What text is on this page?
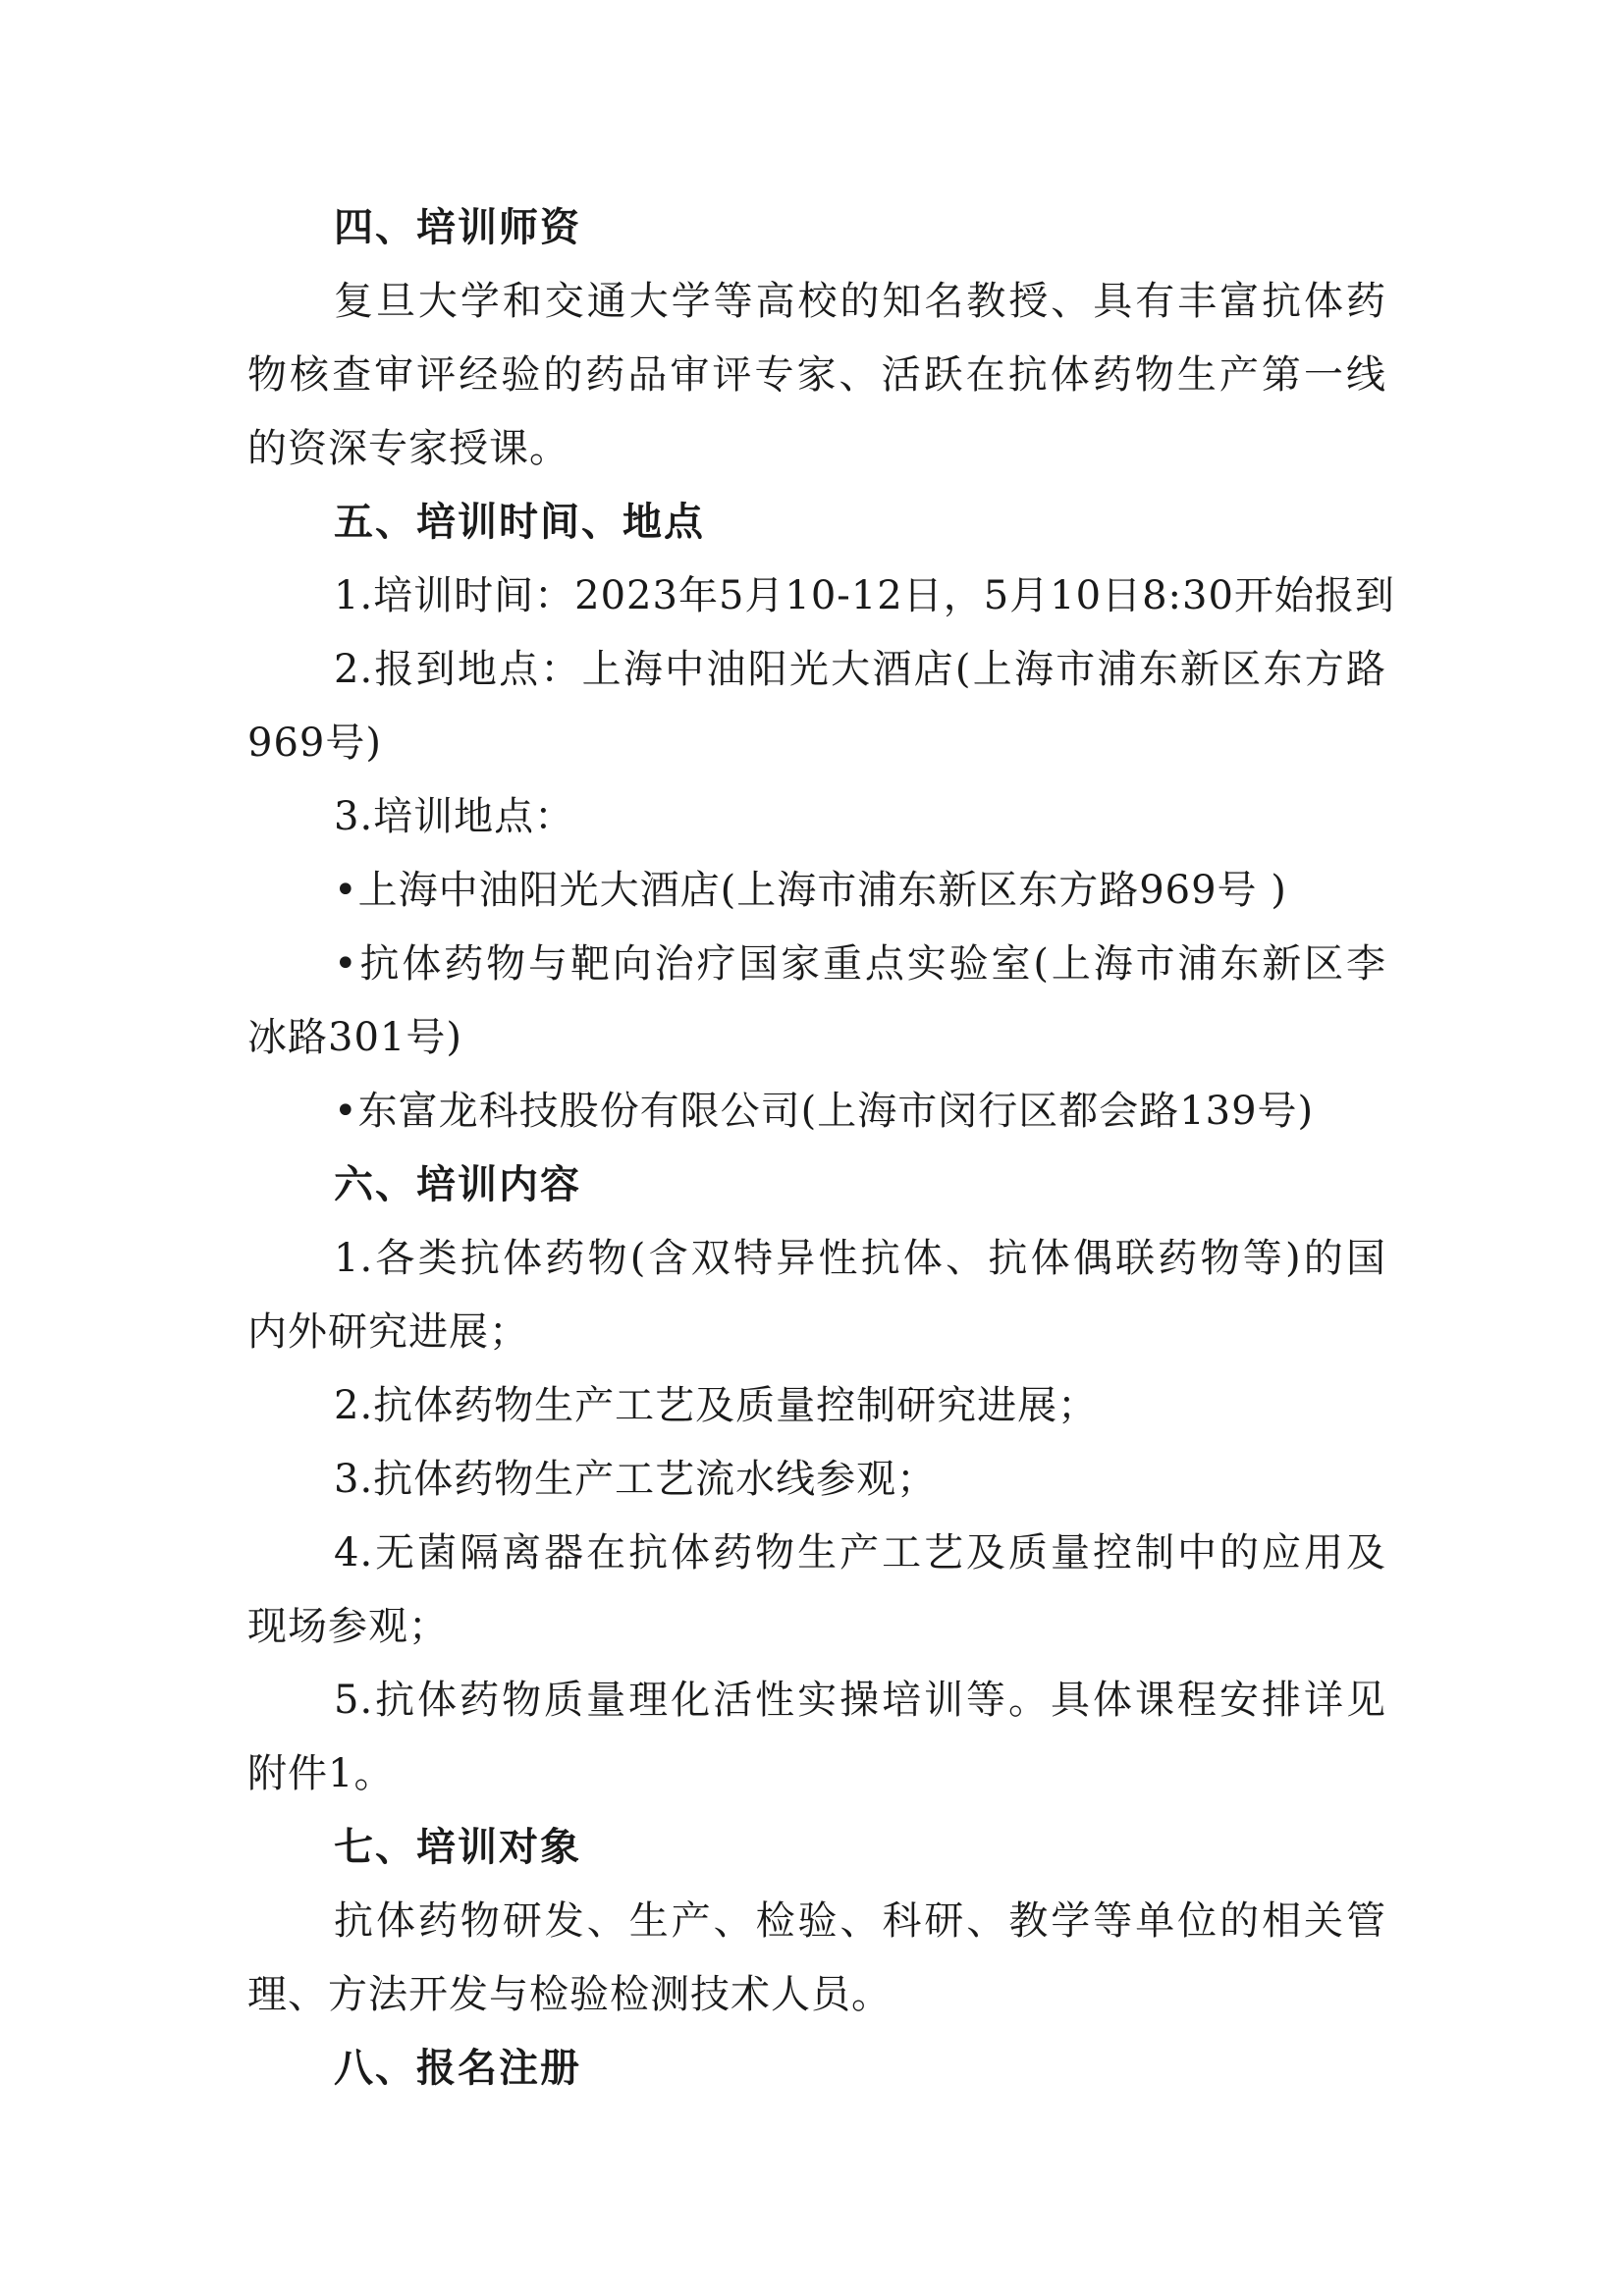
四、培训师资
复旦大学和交通大学等高校的知名教授、具有丰富抗体药
物核查审评经验的药品审评专家、活跃在抗体药物生产第一线
的资深专家授课。
五、培训时间、地点
1.培训时间：2023年5月10-12日，5月10日8:30开始报到
2.报到地点：上海中油阳光大酒店(上海市浦东新区东方路
969号)
3.培训地点：
•上海中油阳光大酒店(上海市浦东新区东方路969号 )
•抗体药物与靶向治疗国家重点实验室(上海市浦东新区李
冰路301号)
•东富龙科技股份有限公司(上海市闵行区都会路139号)
六、培训内容
1.各类抗体药物(含双特异性抗体、抗体偶联药物等)的国
内外研究进展；
2.抗体药物生产工艺及质量控制研究进展；
3.抗体药物生产工艺流水线参观；
4.无菌隔离器在抗体药物生产工艺及质量控制中的应用及
现场参观；
5.抗体药物质量理化活性实操培训等。具体课程安排详见
附件1。
七、培训对象
抗体药物研发、生产、检验、科研、教学等单位的相关管
理、方法开发与检验检测技术人员。
八、报名注册
